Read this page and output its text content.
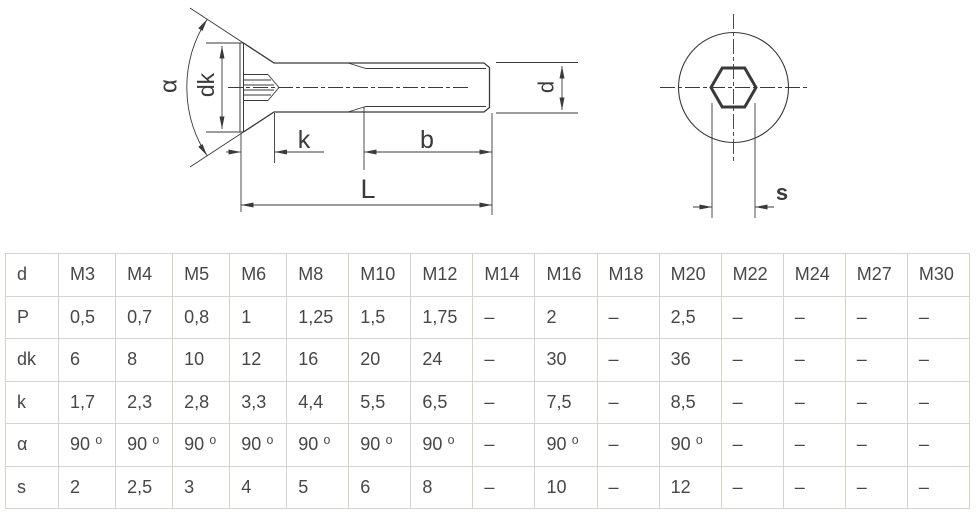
α dk
k	b
L
d
s
d	M3	M4	M5	M6	M8	M10	M12	M14	M16	M18	M20	M22	M24	M27	M30
P	0,5	0,7	0,8	1	1,25	1,5	1,75	–	2	–	2,5	–	–	–	–
dk	6	8	10	12	16	20	24	–	30	–	36	–	–	–	–
k	1,7	2,3	2,8	3,3	4,4	5,5	6,5	–	7,5	–	8,5	–	–	–	–
α	90 ⁰	90 ⁰	90 ⁰	90 ⁰	90 ⁰	90 ⁰	90 ⁰	–	90 ⁰	–	90 ⁰	–	–	–	–
s	2	2,5	3	4	5	6	8	–	10	–	12	–	–	–	–
